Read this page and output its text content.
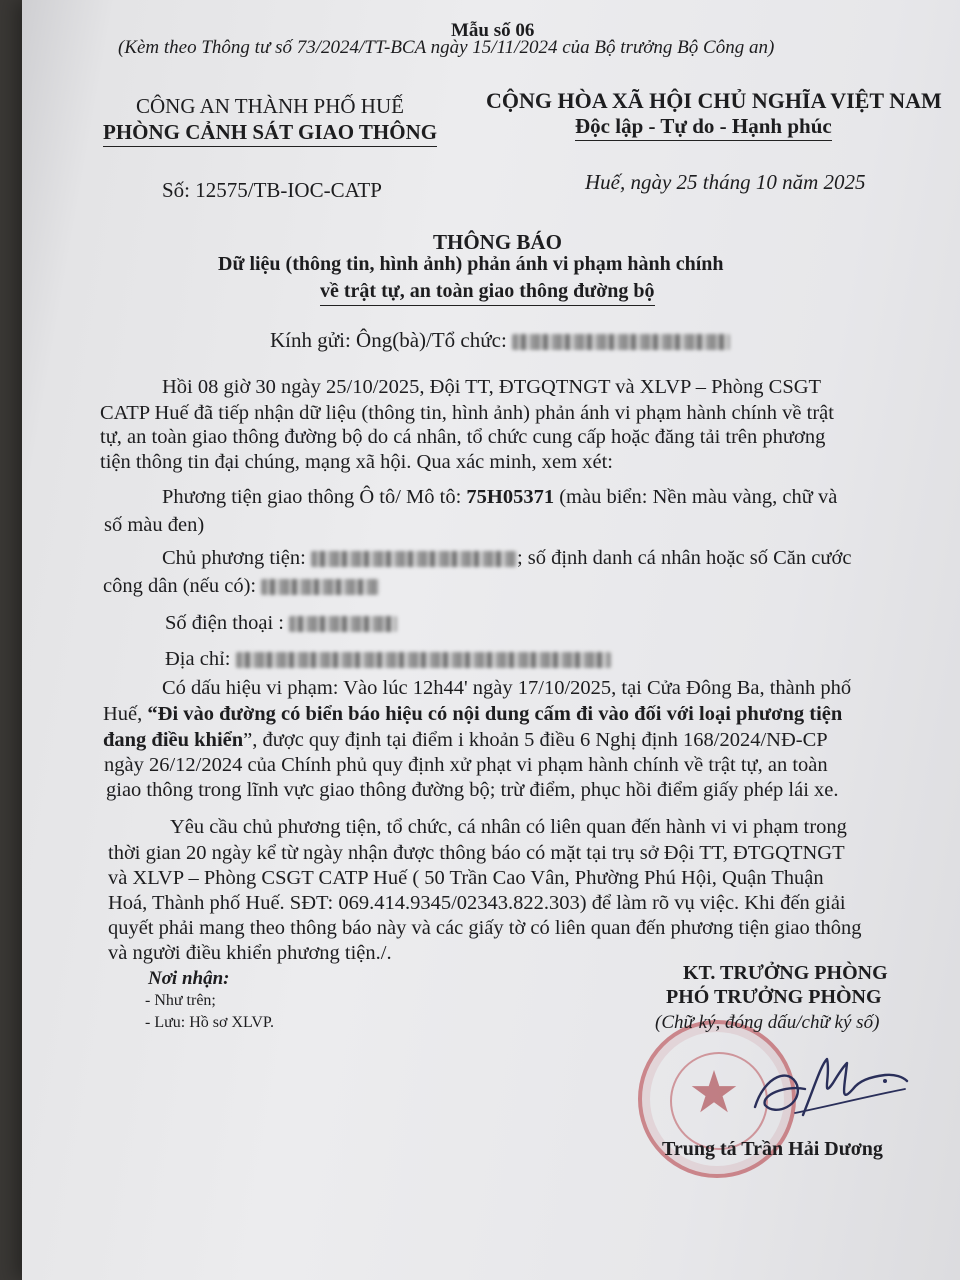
Mẫu số 06
(Kèm theo Thông tư số 73/2024/TT-BCA ngày 15/11/2024 của Bộ trưởng Bộ Công an)
CÔNG AN THÀNH PHỐ HUẾ
PHÒNG CẢNH SÁT GIAO THÔNG
Số: 12575/TB-IOC-CATP
CỘNG HÒA XÃ HỘI CHỦ NGHĨA VIỆT NAM
Độc lập - Tự do - Hạnh phúc
Huế, ngày 25 tháng 10 năm 2025
THÔNG BÁO
Dữ liệu (thông tin, hình ảnh) phản ánh vi phạm hành chính
về trật tự, an toàn giao thông đường bộ
Kính gửi: Ông(bà)/Tổ chức:
Hồi 08 giờ 30 ngày 25/10/2025, Đội TT, ĐTGQTNGT và XLVP – Phòng CSGT
CATP Huế đã tiếp nhận dữ liệu (thông tin, hình ảnh) phản ánh vi phạm hành chính về trật
tự, an toàn giao thông đường bộ do cá nhân, tổ chức cung cấp hoặc đăng tải trên phương
tiện thông tin đại chúng, mạng xã hội. Qua xác minh, xem xét:
Phương tiện giao thông Ô tô/ Mô tô: 75H05371 (màu biển: Nền màu vàng, chữ và
số màu đen)
Chủ phương tiện:	; số định danh cá nhân hoặc số Căn cước
công dân (nếu có):
Số điện thoại :
Địa chỉ:
Có dấu hiệu vi phạm: Vào lúc 12h44' ngày 17/10/2025, tại Cửa Đông Ba, thành phố
Huế, “Đi vào đường có biển báo hiệu có nội dung cấm đi vào đối với loại phương tiện
đang điều khiển”, được quy định tại điểm i khoản 5 điều 6 Nghị định 168/2024/NĐ-CP
ngày 26/12/2024 của Chính phủ quy định xử phạt vi phạm hành chính về trật tự, an toàn
giao thông trong lĩnh vực giao thông đường bộ; trừ điểm, phục hồi điểm giấy phép lái xe.
Yêu cầu chủ phương tiện, tổ chức, cá nhân có liên quan đến hành vi vi phạm trong
thời gian 20 ngày kể từ ngày nhận được thông báo có mặt tại trụ sở Đội TT, ĐTGQTNGT
và XLVP – Phòng CSGT CATP Huế ( 50 Trần Cao Vân, Phường Phú Hội, Quận Thuận
Hoá, Thành phố Huế. SĐT: 069.414.9345/02343.822.303) để làm rõ vụ việc. Khi đến giải
quyết phải mang theo thông báo này và các giấy tờ có liên quan đến phương tiện giao thông
và người điều khiển phương tiện./.
Nơi nhận:
- Như trên;
- Lưu: Hồ sơ XLVP.
★
KT. TRƯỞNG PHÒNG
PHÓ TRƯỞNG PHÒNG
(Chữ ký, đóng dấu/chữ ký số)
Trung tá Trần Hải Dương
